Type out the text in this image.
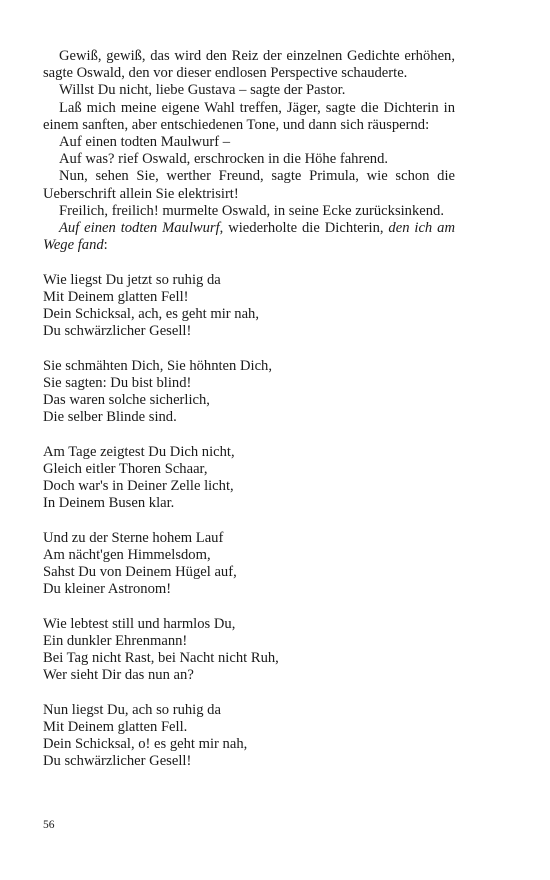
Gewiß, gewiß, das wird den Reiz der einzelnen Gedichte erhöhen, sagte Oswald, den vor dieser endlosen Perspective schauderte.

Willst Du nicht, liebe Gustava – sagte der Pastor.

Laß mich meine eigene Wahl treffen, Jäger, sagte die Dichterin in einem sanften, aber entschiedenen Tone, und dann sich räuspernd:

Auf einen todten Maulwurf –

Auf was? rief Oswald, erschrocken in die Höhe fahrend.

Nun, sehen Sie, werther Freund, sagte Primula, wie schon die Ueberschrift allein Sie elektrisirt!

Freilich, freilich! murmelte Oswald, in seine Ecke zurücksinkend.

Auf einen todten Maulwurf, wiederholte die Dichterin, den ich am Wege fand:

Wie liegst Du jetzt so ruhig da

Mit Deinem glatten Fell!

Dein Schicksal, ach, es geht mir nah,

Du schwärzlicher Gesell!

Sie schmähten Dich, Sie höhnten Dich,

Sie sagten: Du bist blind!

Das waren solche sicherlich,

Die selber Blinde sind.

Am Tage zeigtest Du Dich nicht,

Gleich eitler Thoren Schaar,

Doch war's in Deiner Zelle licht,

In Deinem Busen klar.

Und zu der Sterne hohem Lauf

Am nächt'gen Himmelsdom,

Sahst Du von Deinem Hügel auf,

Du kleiner Astronom!

Wie lebtest still und harmlos Du,

Ein dunkler Ehrenmann!

Bei Tag nicht Rast, bei Nacht nicht Ruh,

Wer sieht Dir das nun an?

Nun liegst Du, ach so ruhig da

Mit Deinem glatten Fell.

Dein Schicksal, o! es geht mir nah,

Du schwärzlicher Gesell!

56
